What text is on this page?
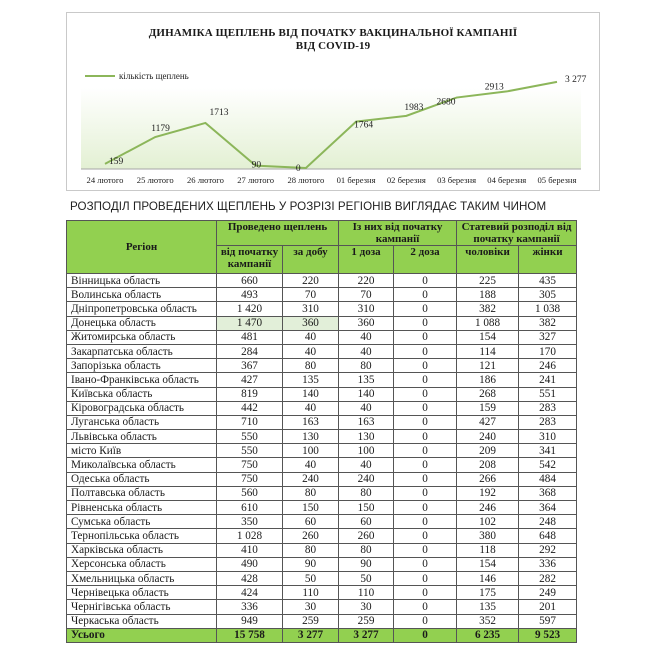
ДИНАМІКА ЩЕПЛЕНЬ ВІД ПОЧАТКУ ВАКЦИНАЛЬНОЇ КАМПАНІЇ
ВІД COVID-19
кількість щеплень
159
1179
1713
90	0
1764
1983
2680
2913
3 277
24 лютого 25 лютого 26 лютого 27 лютого 28 лютого 01 березня 02 березня 03 березня 04 березня 05 березня
РОЗПОДІЛ ПРОВЕДЕНИХ ЩЕПЛЕНЬ У РОЗРІЗІ РЕГІОНІВ ВИГЛЯДАЄ ТАКИМ ЧИНОМ
Регіон	Проведено щеплень		Із них від початку кампанії		Статевий розподіл від початку кампанії	
	від початку кампанії	за добу	1 доза	2 доза	чоловіки	жінки
Вінницька область	660	220	220	0	225	435
Волинська область	493	70	70	0	188	305
Дніпропетровська область	1 420	310	310	0	382	1 038
Донецька область	1 470	360	360	0	1 088	382
Житомирська область	481	40	40	0	154	327
Закарпатська область	284	40	40	0	114	170
Запорізька область	367	80	80	0	121	246
Івано-Франківська область	427	135	135	0	186	241
Київська область	819	140	140	0	268	551
Кіровоградська область	442	40	40	0	159	283
Луганська область	710	163	163	0	427	283
Львівська область	550	130	130	0	240	310
місто Київ	550	100	100	0	209	341
Миколаївська область	750	40	40	0	208	542
Одеська область	750	240	240	0	266	484
Полтавська область	560	80	80	0	192	368
Рівненська область	610	150	150	0	246	364
Сумська область	350	60	60	0	102	248
Тернопільська область	1 028	260	260	0	380	648
Харківська область	410	80	80	0	118	292
Херсонська область	490	90	90	0	154	336
Хмельницька область	428	50	50	0	146	282
Чернівецька область	424	110	110	0	175	249
Чернігівська область	336	30	30	0	135	201
Черкаська область	949	259	259	0	352	597
Усього	15 758	3 277	3 277	0	6 235	9 523
